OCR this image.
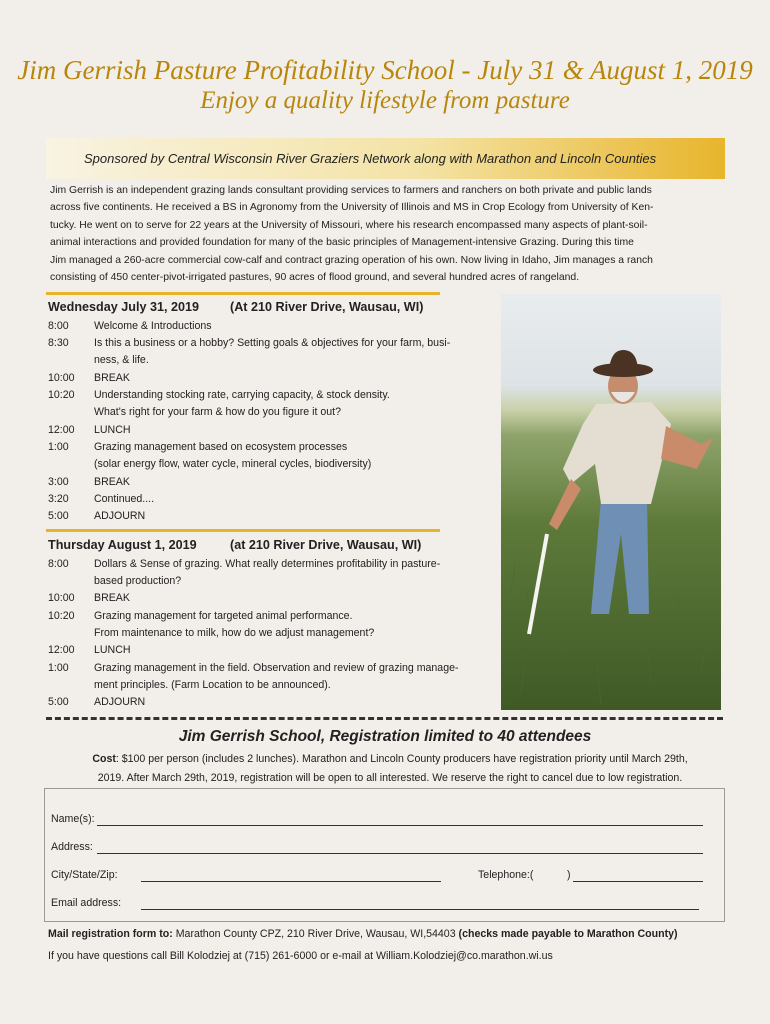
Jim Gerrish Pasture Profitability School - July 31 & August 1, 2019
Enjoy a quality lifestyle from pasture
Sponsored by Central Wisconsin River Graziers Network along with Marathon and Lincoln Counties
Jim Gerrish is an independent grazing lands consultant providing services to farmers and ranchers on both private and public lands
across five continents. He received a BS in Agronomy from the University of Illinois and MS in Crop Ecology from University of Ken-
tucky. He went on to serve for 22 years at the University of Missouri, where his research encompassed many aspects of plant-soil-
animal interactions and provided foundation for many of the basic principles of Management-intensive Grazing. During this time
Jim managed a 260-acre commercial cow-calf and contract grazing operation of his own. Now living in Idaho, Jim manages a ranch
consisting of 450 center-pivot-irrigated pastures, 90 acres of flood ground, and several hundred acres of rangeland.
Wednesday July 31, 2019 (At 210 River Drive, Wausau, WI)
8:00 Welcome & Introductions
8:30 Is this a business or a hobby? Setting goals & objectives for your farm, busi-
ness, & life.
10:00 BREAK
10:20 Understanding stocking rate, carrying capacity, & stock density.
What's right for your farm & how do you figure it out?
12:00 LUNCH
1:00 Grazing management based on ecosystem processes
(solar energy flow, water cycle, mineral cycles, biodiversity)
3:00 BREAK
3:20 Continued....
5:00 ADJOURN
Thursday August 1, 2019	(at 210 River Drive, Wausau, WI)
8:00 Dollars & Sense of grazing. What really determines profitability in pasture-
based production?
10:00 BREAK
10:20 Grazing management for targeted animal performance.
From maintenance to milk, how do we adjust management?
12:00 LUNCH
1:00 Grazing management in the field. Observation and review of grazing manage-
ment principles. (Farm Location to be announced).
5:00 ADJOURN
Jim Gerrish School, Registration limited to 40 attendees
Cost: $100 per person (includes 2 lunches). Marathon and Lincoln County producers have registration priority until March 29th,
2019. After March 29th, 2019, registration will be open to all interested. We reserve the right to cancel due to low registration.
Name(s):
Address:
City/State/Zip:	Telephone:(	)
Email address:
Mail registration form to: Marathon County CPZ, 210 River Drive, Wausau, WI,54403 (checks made payable to Marathon County)
If you have questions call Bill Kolodziej at (715) 261-6000 or e-mail at William.Kolodziej@co.marathon.wi.us
